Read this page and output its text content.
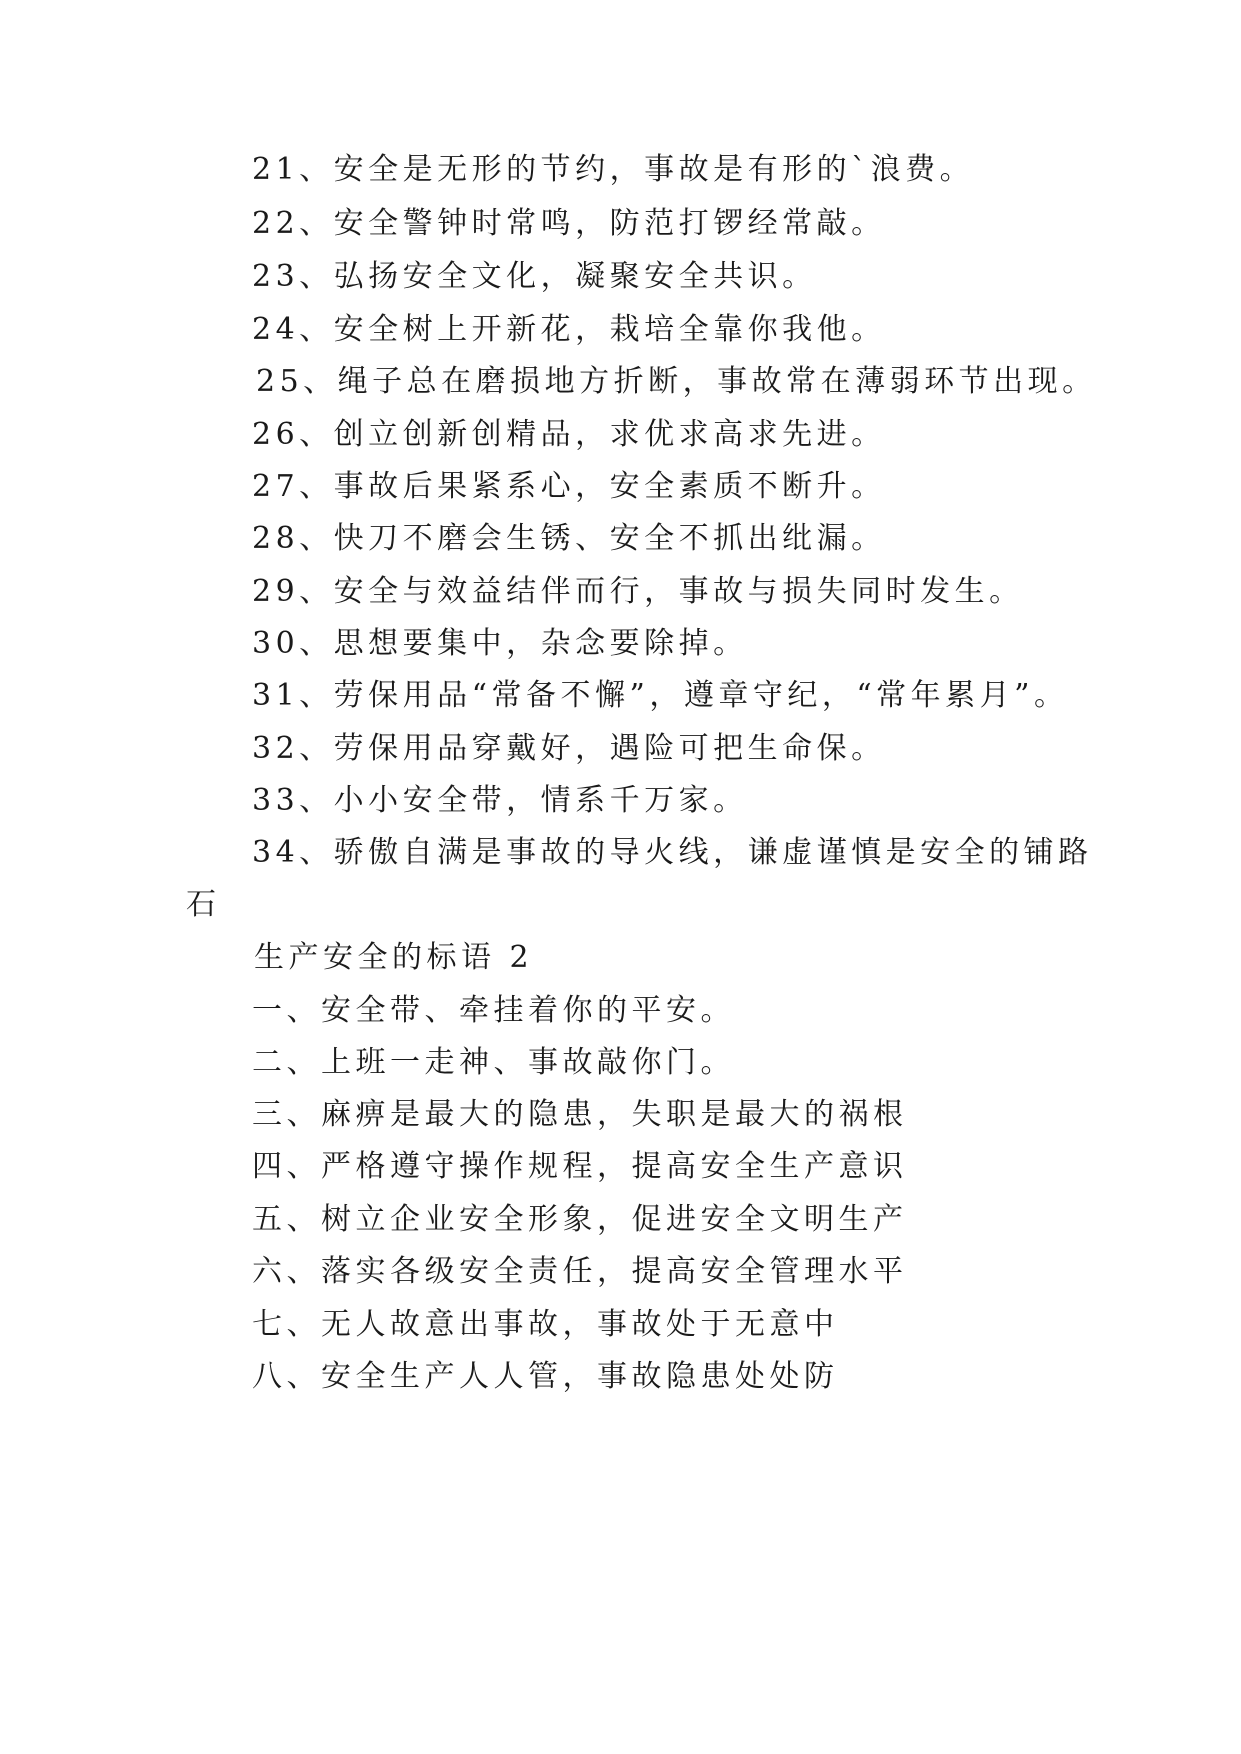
21、安全是无形的节约，事故是有形的`浪费。
22、安全警钟时常鸣，防范打锣经常敲。
23、弘扬安全文化，凝聚安全共识。
24、安全树上开新花，栽培全靠你我他。
25、绳子总在磨损地方折断，事故常在薄弱环节出现。
26、创立创新创精品，求优求高求先进。
27、事故后果紧系心，安全素质不断升。
28、快刀不磨会生锈、安全不抓出纰漏。
29、安全与效益结伴而行，事故与损失同时发生。
30、思想要集中，杂念要除掉。
31、劳保用品“常备不懈”，遵章守纪，“常年累月”。
32、劳保用品穿戴好，遇险可把生命保。
33、小小安全带，情系千万家。
34、骄傲自满是事故的导火线，谦虚谨慎是安全的铺路
石
生产安全的标语 2
一、安全带、牵挂着你的平安。
二、上班一走神、事故敲你门。
三、麻痹是最大的隐患，失职是最大的祸根
四、严格遵守操作规程，提高安全生产意识
五、树立企业安全形象，促进安全文明生产
六、落实各级安全责任，提高安全管理水平
七、无人故意出事故，事故处于无意中
八、安全生产人人管，事故隐患处处防
